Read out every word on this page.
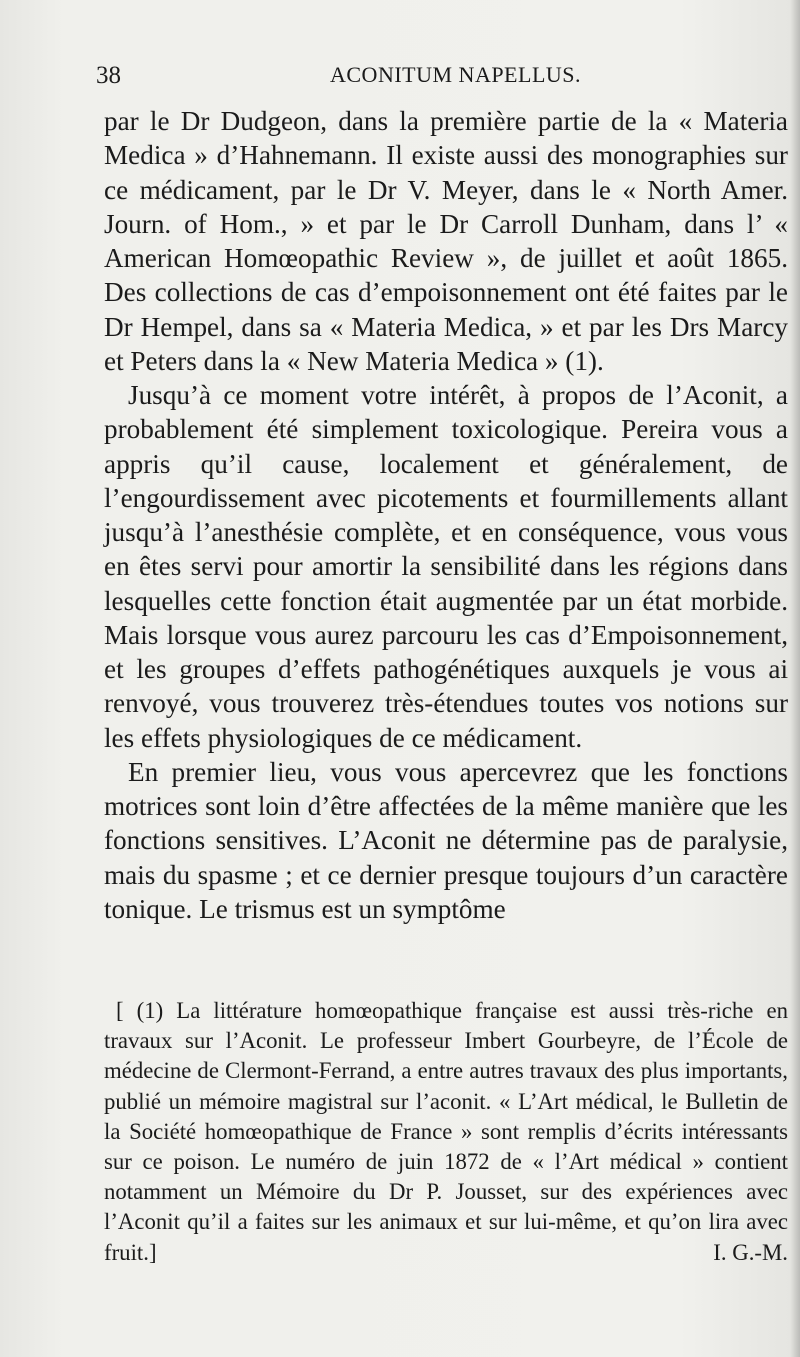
38	ACONITUM NAPELLUS.

par le Dr Dudgeon, dans la première partie de la « Materia Medica » d’Hahnemann. Il existe aussi des monographies sur ce médicament, par le Dr V. Meyer, dans le « North Amer. Journ. of Hom., » et par le Dr Carroll Dunham, dans l’ « American Homœopathic Review », de juillet et août 1865. Des collections de cas d’empoisonnement ont été faites par le Dr Hempel, dans sa « Materia Medica, » et par les Drs Marcy et Peters dans la « New Materia Medica » (1).

Jusqu’à ce moment votre intérêt, à propos de l’Aconit, a probablement été simplement toxicologique. Pereira vous a appris qu’il cause, localement et généralement, de l’engourdissement avec picotements et fourmillements allant jusqu’à l’anesthésie complète, et en conséquence, vous vous en êtes servi pour amortir la sensibilité dans les régions dans lesquelles cette fonction était augmentée par un état morbide. Mais lorsque vous aurez parcouru les cas d’Empoisonnement, et les groupes d’effets pathogénétiques auxquels je vous ai renvoyé, vous trouverez très-étendues toutes vos notions sur les effets physiologiques de ce médicament.

En premier lieu, vous vous apercevrez que les fonctions motrices sont loin d’être affectées de la même manière que les fonctions sensitives. L’Aconit ne détermine pas de paralysie, mais du spasme ; et ce dernier presque toujours d’un caractère tonique. Le trismus est un symptôme

[ (1) La littérature homœopathique française est aussi très-riche en travaux sur l’Aconit. Le professeur Imbert Gourbeyre, de l’École de médecine de Clermont-Ferrand, a entre autres travaux des plus importants, publié un mémoire magistral sur l’aconit. « L’Art médical, le Bulletin de la Société homœopathique de France » sont remplis d’écrits intéressants sur ce poison. Le numéro de juin 1872 de « l’Art médical » contient notamment un Mémoire du Dr P. Jousset, sur des expériences avec l’Aconit qu’il a faites sur les animaux et sur lui-même, et qu’on lira avec fruit.]	I. G.-M.
